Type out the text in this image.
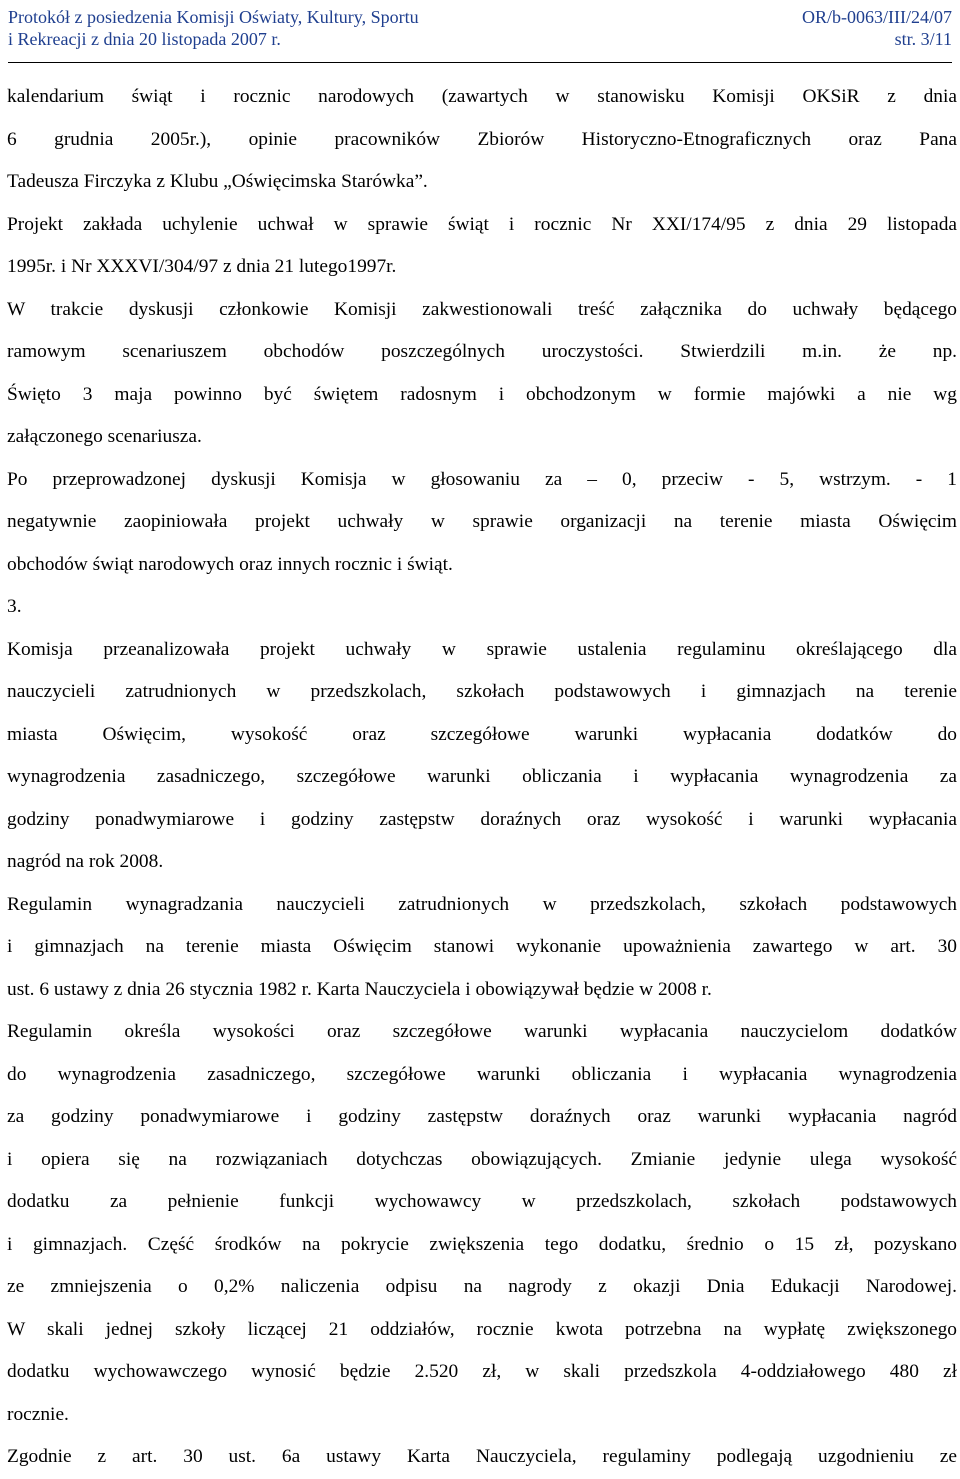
Protokół z posiedzenia Komisji Oświaty, Kultury, Sportu	OR/b-0063/III/24/07
i Rekreacji z dnia 20 listopada 2007 r.	str. 3/11
kalendarium świąt i rocznic narodowych (zawartych w stanowisku Komisji OKSiR z dnia
6 grudnia 2005r.), opinie pracowników Zbiorów Historyczno-Etnograficznych oraz Pana
Tadeusza Firczyka z Klubu „Oświęcimska Starówka”.
Projekt zakłada uchylenie uchwał w sprawie świąt i rocznic Nr XXI/174/95 z dnia 29 listopada
1995r. i Nr XXXVI/304/97 z dnia 21 lutego1997r.
W trakcie dyskusji członkowie Komisji zakwestionowali treść załącznika do uchwały będącego
ramowym scenariuszem obchodów poszczególnych uroczystości. Stwierdzili m.in. że np.
Święto 3 maja powinno być świętem radosnym i obchodzonym w formie majówki a nie wg
załączonego scenariusza.
Po przeprowadzonej dyskusji Komisja w głosowaniu za – 0, przeciw - 5, wstrzym. - 1
negatywnie zaopiniowała projekt uchwały w sprawie organizacji na terenie miasta Oświęcim
obchodów świąt narodowych oraz innych rocznic i świąt.
3.
Komisja przeanalizowała projekt uchwały w sprawie ustalenia regulaminu określającego dla
nauczycieli zatrudnionych w przedszkolach, szkołach podstawowych i gimnazjach na terenie
miasta Oświęcim, wysokość oraz szczegółowe warunki wypłacania dodatków do
wynagrodzenia zasadniczego, szczegółowe warunki obliczania i wypłacania wynagrodzenia za
godziny ponadwymiarowe i godziny zastępstw doraźnych oraz wysokość i warunki wypłacania
nagród na rok 2008.
Regulamin wynagradzania nauczycieli zatrudnionych w przedszkolach, szkołach podstawowych
i gimnazjach na terenie miasta Oświęcim stanowi wykonanie upoważnienia zawartego w art. 30
ust. 6 ustawy z dnia 26 stycznia 1982 r. Karta Nauczyciela i obowiązywał będzie w 2008 r.
Regulamin określa wysokości oraz szczegółowe warunki wypłacania nauczycielom dodatków
do wynagrodzenia zasadniczego, szczegółowe warunki obliczania i wypłacania wynagrodzenia
za godziny ponadwymiarowe i godziny zastępstw doraźnych oraz warunki wypłacania nagród
i opiera się na rozwiązaniach dotychczas obowiązujących. Zmianie jedynie ulega wysokość
dodatku za pełnienie funkcji wychowawcy w przedszkolach, szkołach podstawowych
i gimnazjach. Część środków na pokrycie zwiększenia tego dodatku, średnio o 15 zł, pozyskano
ze zmniejszenia o 0,2% naliczenia odpisu na nagrody z okazji Dnia Edukacji Narodowej.
W skali jednej szkoły liczącej 21 oddziałów, rocznie kwota potrzebna na wypłatę zwiększonego
dodatku wychowawczego wynosić będzie 2.520 zł, w skali przedszkola 4-oddziałowego 480 zł
rocznie.
Zgodnie z art. 30 ust. 6a ustawy Karta Nauczyciela, regulaminy podlegają uzgodnieniu ze
